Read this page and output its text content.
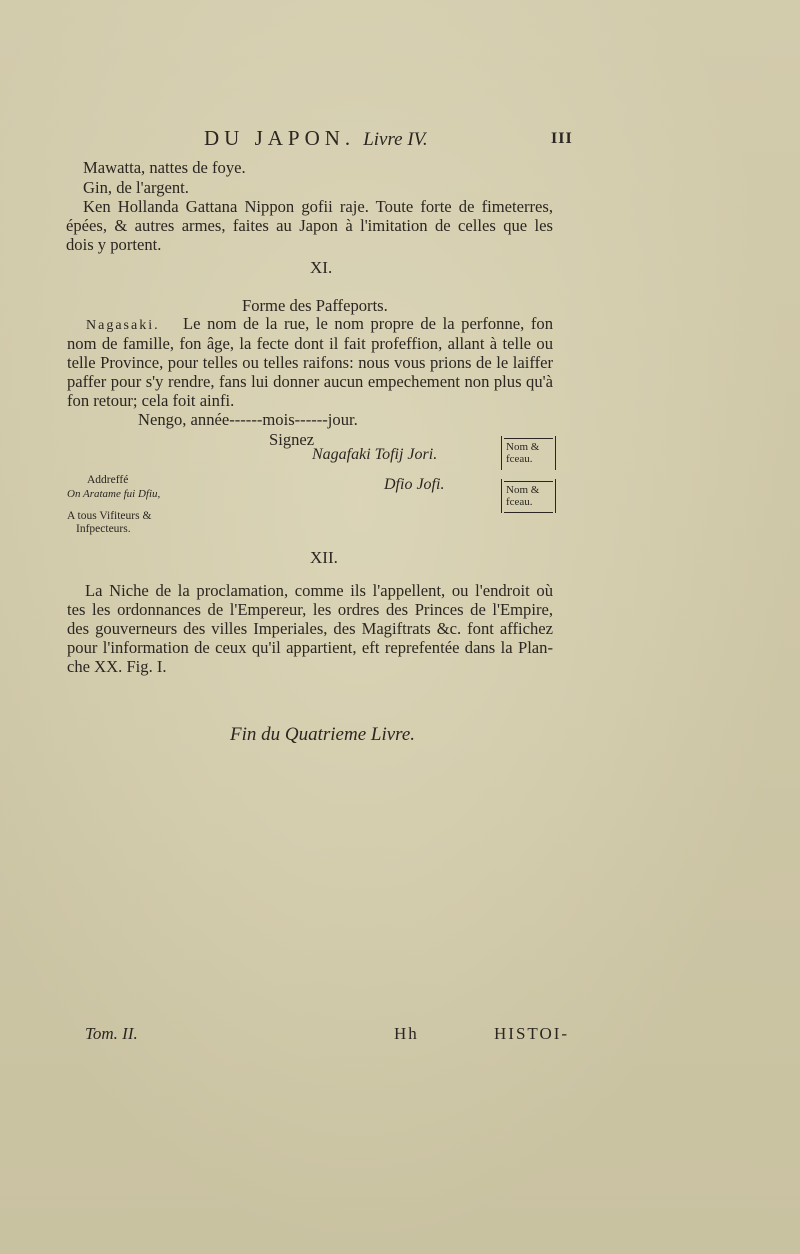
DU JAPON. Livre IV.	III
Mawatta, nattes de foye.
Gin, de l'argent.
Ken Hollanda Gattana Nippon gofii raje. Toute forte de fimeterres,
épées, & autres armes, faites au Japon à l'imitation de celles que les
dois y portent.
XI.
Forme des Paffeports.
Nagasaki. Le nom de la rue, le nom propre de la perfonne, fon
nom de famille, fon âge, la fecte dont il fait profeffion, allant à telle ou
telle Province, pour telles ou telles raifons: nous vous prions de le laiffer
paffer pour s'y rendre, fans lui donner aucun empechement non plus qu'à
fon retour; cela foit ainfi.
Nengo, année------mois------jour.
Signez
Nagafaki Tofij Jori.
Dfio Jofi.
Nom &
fceau.
Nom &
fceau.
Addreffé
On Aratame fui Dfiu,
A tous Vifiteurs &
Infpecteurs.
XII.
La Niche de la proclamation, comme ils l'appellent, ou l'endroit où
tes les ordonnances de l'Empereur, les ordres des Princes de l'Empire,
des gouverneurs des villes Imperiales, des Magiftrats &c. font affichez
pour l'information de ceux qu'il appartient, eft reprefentée dans la Plan-
che XX. Fig. I.
Fin du Quatrieme Livre.
Tom. II.	Hh	HISTOI-
